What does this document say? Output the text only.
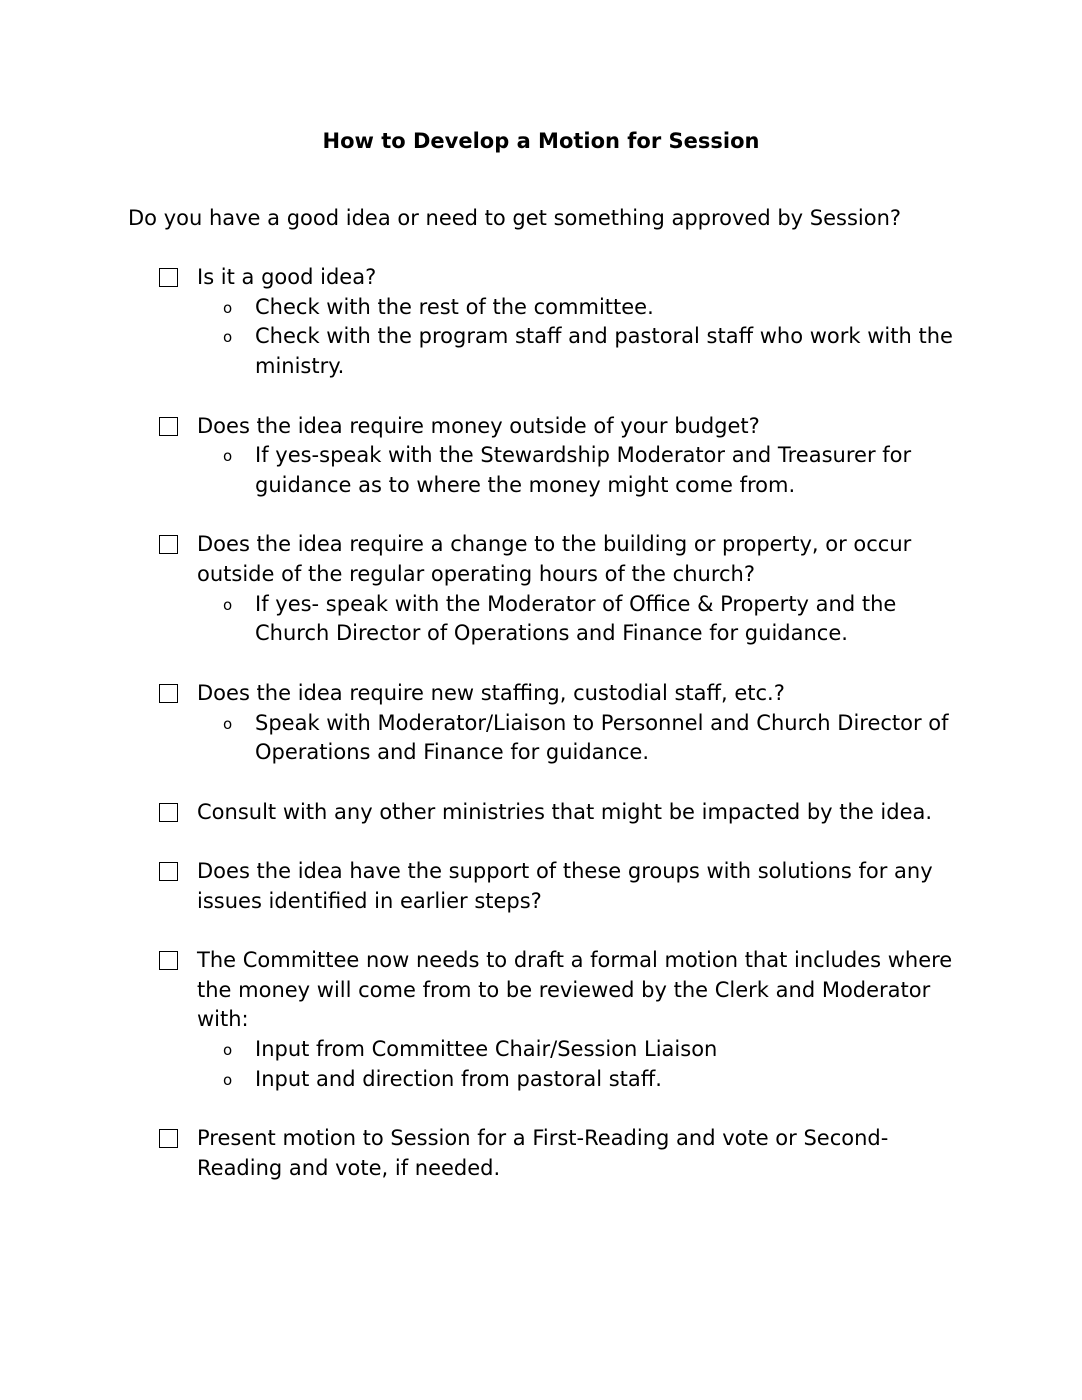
How to Develop a Motion for Session
Do you have a good idea or need to get something approved by Session?
Is it a good idea?
o Check with the rest of the committee.
o Check with the program staff and pastoral staff who work with the ministry.
Does the idea require money outside of your budget?
o If yes-speak with the Stewardship Moderator and Treasurer for guidance as to where the money might come from.
Does the idea require a change to the building or property, or occur outside of the regular operating hours of the church?
o If yes- speak with the Moderator of Office & Property and the Church Director of Operations and Finance for guidance.
Does the idea require new staffing, custodial staff, etc.?
o Speak with Moderator/Liaison to Personnel and Church Director of Operations and Finance for guidance.
Consult with any other ministries that might be impacted by the idea.
Does the idea have the support of these groups with solutions for any issues identified in earlier steps?
The Committee now needs to draft a formal motion that includes where the money will come from to be reviewed by the Clerk and Moderator with:
o Input from Committee Chair/Session Liaison
o Input and direction from pastoral staff.
Present motion to Session for a First-Reading and vote or Second-Reading and vote, if needed.
